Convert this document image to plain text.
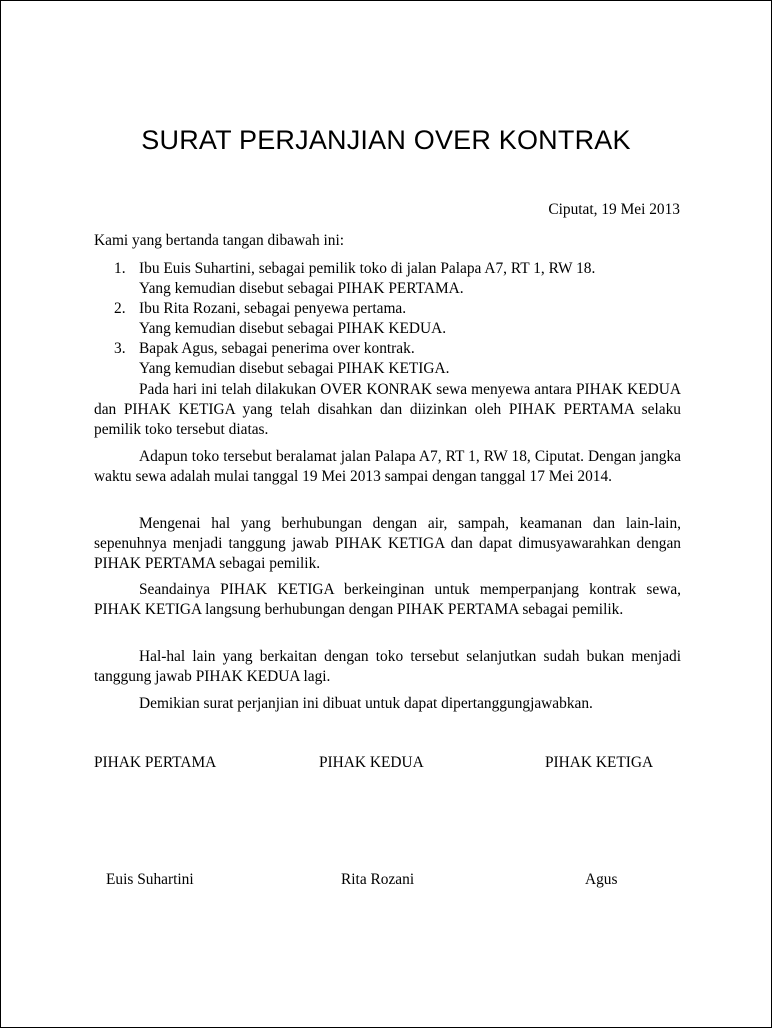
SURAT PERJANJIAN OVER KONTRAK
Ciputat, 19 Mei 2013
Kami yang bertanda tangan dibawah ini:
1. Ibu Euis Suhartini, sebagai pemilik toko di jalan Palapa A7, RT 1, RW 18.
Yang kemudian disebut sebagai PIHAK PERTAMA.
2. Ibu Rita Rozani, sebagai penyewa pertama.
Yang kemudian disebut sebagai PIHAK KEDUA.
3. Bapak Agus, sebagai penerima over kontrak.
Yang kemudian disebut sebagai PIHAK KETIGA.

Pada hari ini telah dilakukan OVER KONRAK sewa menyewa antara PIHAK KEDUA dan PIHAK KETIGA yang telah disahkan dan diizinkan oleh PIHAK PERTAMA selaku pemilik toko tersebut diatas.

Adapun toko tersebut beralamat jalan Palapa A7, RT 1, RW 18, Ciputat. Dengan jangka waktu sewa adalah mulai tanggal 19 Mei 2013 sampai dengan tanggal 17 Mei 2014.

Mengenai hal yang berhubungan dengan air, sampah, keamanan dan lain-lain, sepenuhnya menjadi tanggung jawab PIHAK KETIGA dan dapat dimusyawarahkan dengan PIHAK PERTAMA sebagai pemilik.

Seandainya PIHAK KETIGA berkeinginan untuk memperpanjang kontrak sewa, PIHAK KETIGA langsung berhubungan dengan PIHAK PERTAMA sebagai pemilik.

Hal-hal lain yang berkaitan dengan toko tersebut selanjutkan sudah bukan menjadi tanggung jawab PIHAK KEDUA lagi.

Demikian surat perjanjian ini dibuat untuk dapat dipertanggungjawabkan.

PIHAK PERTAMA	PIHAK KEDUA	PIHAK KETIGA
Euis Suhartini	Rita Rozani	Agus
